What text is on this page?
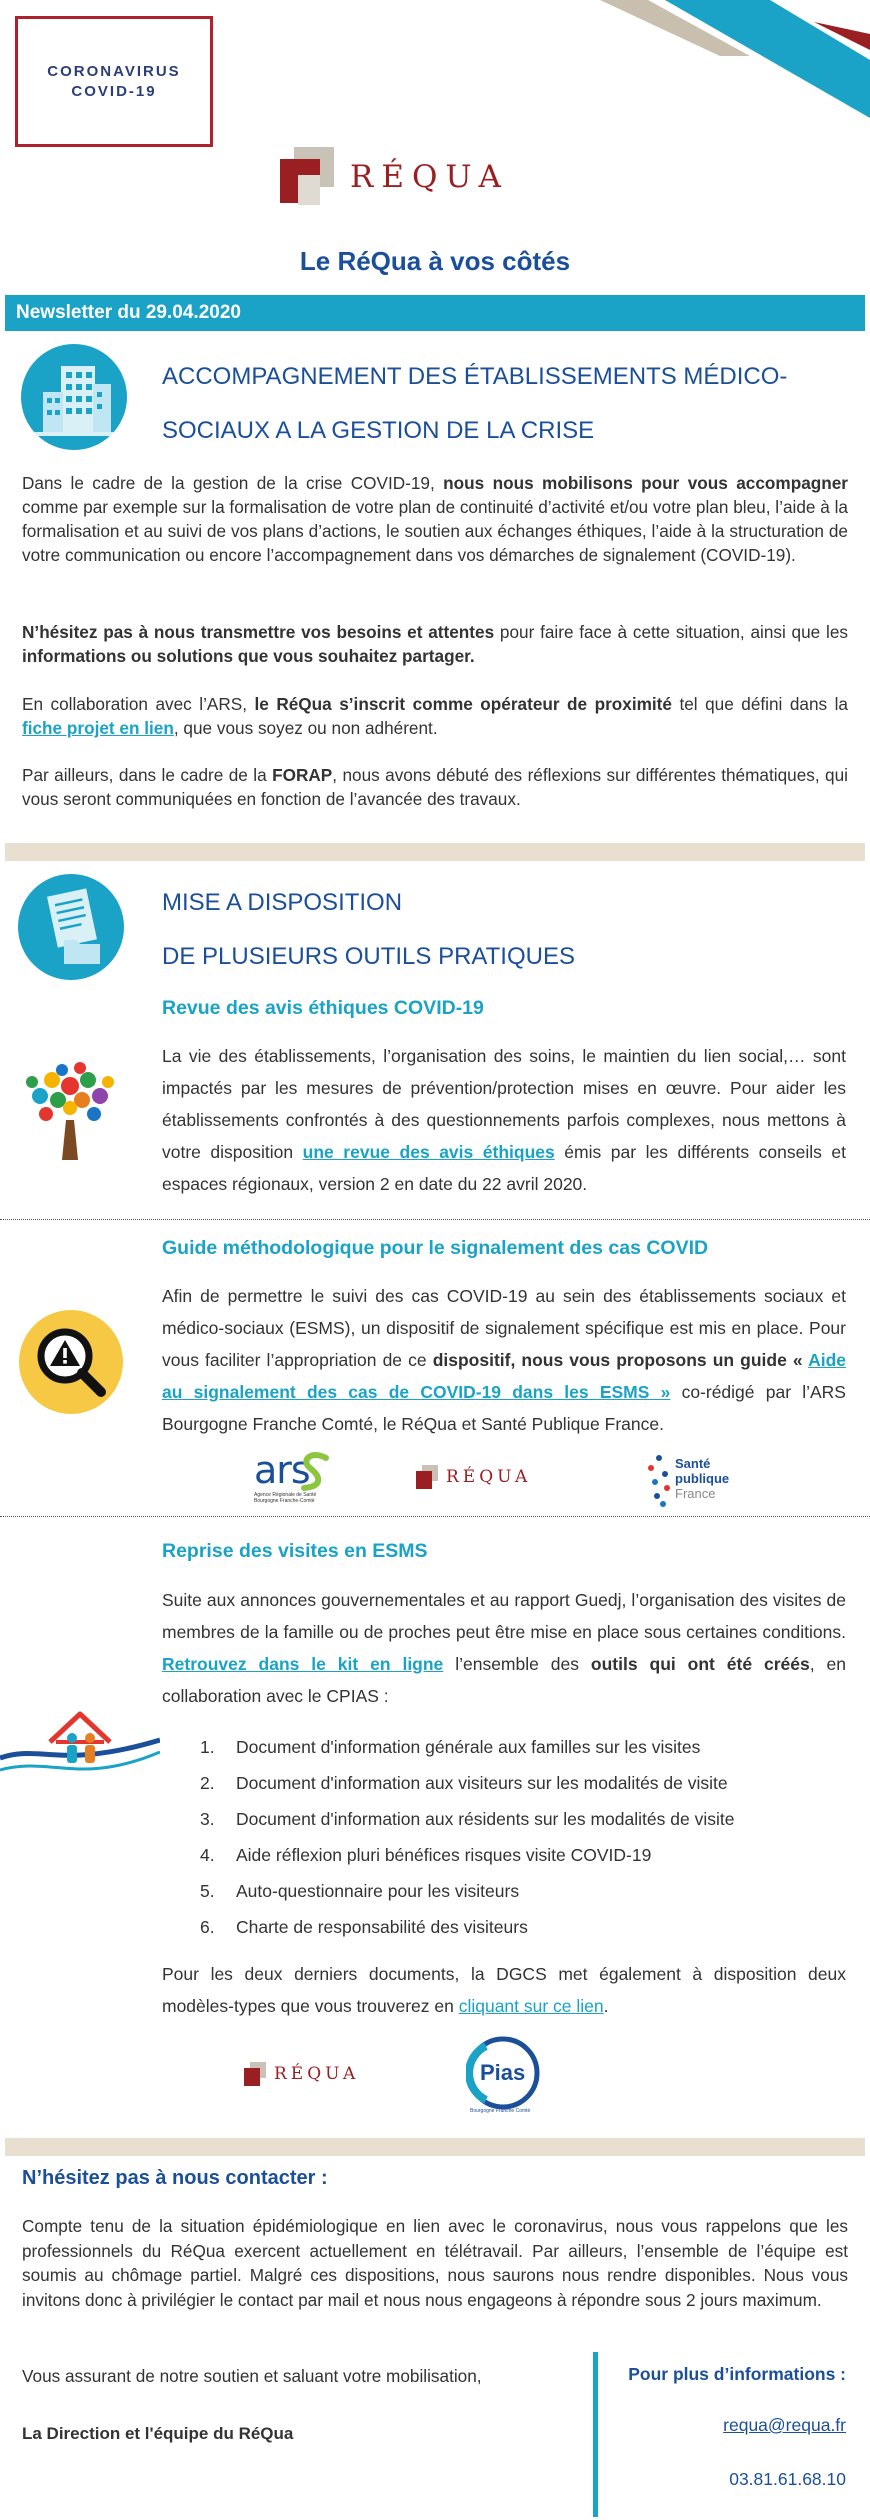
CORONAVIRUS
COVID-19
RÉQUA
Le RéQua à vos côtés
Newsletter du 29.04.2020
ACCOMPAGNEMENT DES ÉTABLISSEMENTS MÉDICO-
SOCIAUX A LA GESTION DE LA CRISE

Dans le cadre de la gestion de la crise COVID-19, nous nous mobilisons pour vous accompagner comme par exemple sur la formalisation de votre plan de continuité d’activité et/ou votre plan bleu, l’aide à la formalisation et au suivi de vos plans d’actions, le soutien aux échanges éthiques, l’aide à la structuration de votre communication ou encore l’accompagnement dans vos démarches de signalement (COVID-19).

N’hésitez pas à nous transmettre vos besoins et attentes pour faire face à cette situation, ainsi que les informations ou solutions que vous souhaitez partager.

En collaboration avec l’ARS, le RéQua s’inscrit comme opérateur de proximité tel que défini dans la fiche projet en lien, que vous soyez ou non adhérent.

Par ailleurs, dans le cadre de la FORAP, nous avons débuté des réflexions sur différentes thématiques, qui vous seront communiquées en fonction de l’avancée des travaux.

MISE A DISPOSITION
DE PLUSIEURS OUTILS PRATIQUES
Revue des avis éthiques COVID-19

La vie des établissements, l’organisation des soins, le maintien du lien social,… sont impactés par les mesures de prévention/protection mises en œuvre. Pour aider les établissements confrontés à des questionnements parfois complexes, nous mettons à votre disposition une revue des avis éthiques émis par les différents conseils et espaces régionaux, version 2 en date du 22 avril 2020.

Guide méthodologique pour le signalement des cas COVID

Afin de permettre le suivi des cas COVID-19 au sein des établissements sociaux et médico-sociaux (ESMS), un dispositif de signalement spécifique est mis en place. Pour vous faciliter l’appropriation de ce dispositif, nous vous proposons un guide « Aide au signalement des cas de COVID-19 dans les ESMS » co-rédigé par l’ARS Bourgogne Franche Comté, le RéQua et Santé Publique France.

ars
Agence Régionale de Santé Bourgogne Franche-Comté
RÉQUA
Santé
publique
France
Reprise des visites en ESMS

Suite aux annonces gouvernementales et au rapport Guedj, l’organisation des visites de membres de la famille ou de proches peut être mise en place sous certaines conditions. Retrouvez dans le kit en ligne l’ensemble des outils qui ont été créés, en collaboration avec le CPIAS :

1.	Document d'information générale aux familles sur les visites
2.	Document d'information aux visiteurs sur les modalités de visite
3.	Document d'information aux résidents sur les modalités de visite
4.	Aide réflexion pluri bénéfices risques visite COVID-19
5.	Auto-questionnaire pour les visiteurs
6.	Charte de responsabilité des visiteurs

Pour les deux derniers documents, la DGCS met également à disposition deux modèles-types que vous trouverez en cliquant sur ce lien.

RÉQUA	Pias
Bourgogne Franche Comté
N’hésitez pas à nous contacter :

Compte tenu de la situation épidémiologique en lien avec le coronavirus, nous vous rappelons que les professionnels du RéQua exercent actuellement en télétravail. Par ailleurs, l’ensemble de l’équipe est soumis au chômage partiel. Malgré ces dispositions, nous saurons nous rendre disponibles. Nous vous invitons donc à privilégier le contact par mail et nous nous engageons à répondre sous 2 jours maximum.

Vous assurant de notre soutien et saluant votre mobilisation,

La Direction et l'équipe du RéQua

Pour plus d’informations :
requa@requa.fr
03.81.61.68.10
